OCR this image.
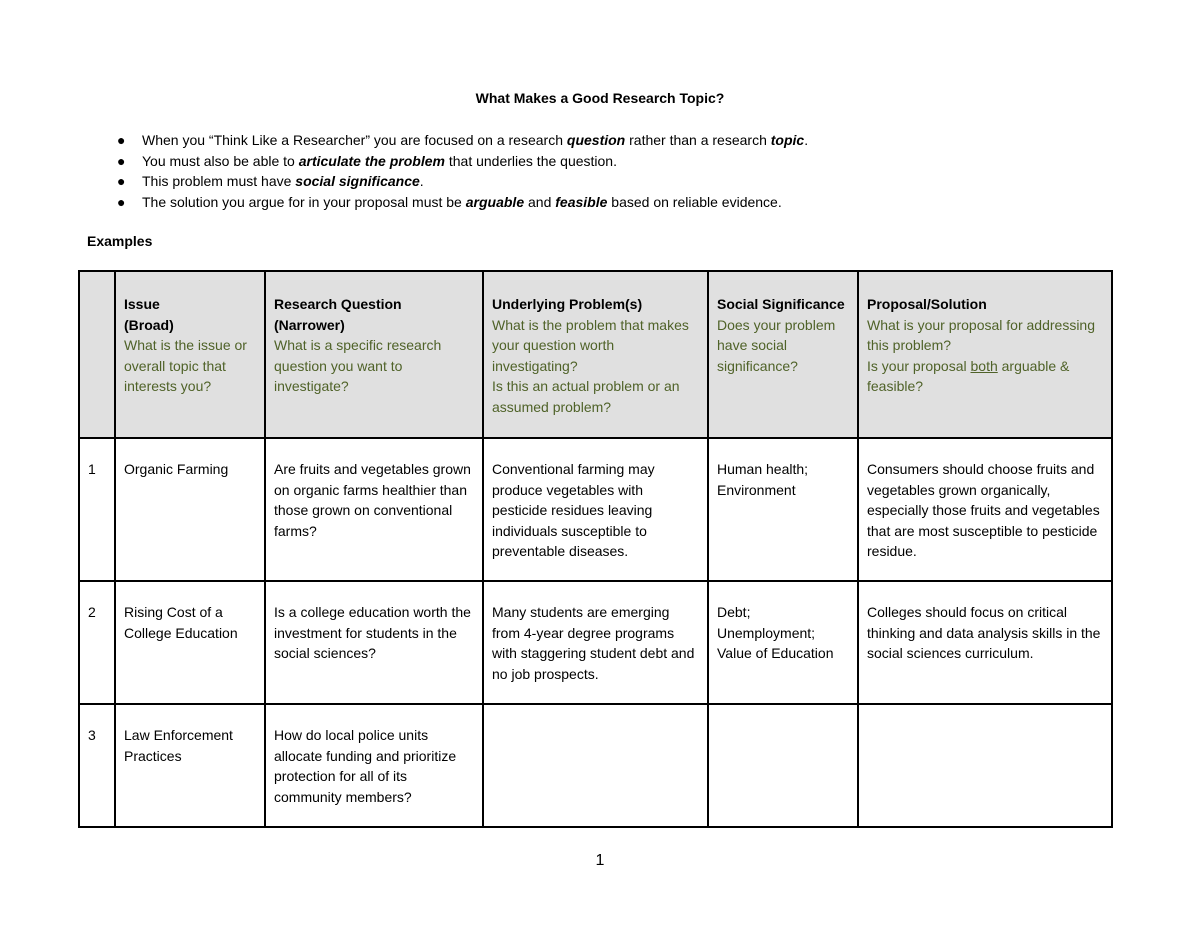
What Makes a Good Research Topic?
● When you “Think Like a Researcher” you are focused on a research question rather than a research topic.
● You must also be able to articulate the problem that underlies the question.
● This problem must have social significance.
● The solution you argue for in your proposal must be arguable and feasible based on reliable evidence.
Examples

	Issue
(Broad)
What is the issue or overall topic that interests you?	Research Question
(Narrower)
What is a specific research question you want to investigate?	Underlying Problem(s)
What is the problem that makes your question worth investigating?
Is this an actual problem or an assumed problem?	Social Significance
Does your problem have social significance?	Proposal/Solution
What is your proposal for addressing this problem?
Is your proposal both arguable & feasible?

1	Organic Farming	Are fruits and vegetables grown on organic farms healthier than those grown on conventional farms?	Conventional farming may produce vegetables with pesticide residues leaving individuals susceptible to preventable diseases.	Human health; Environment	Consumers should choose fruits and vegetables grown organically, especially those fruits and vegetables that are most susceptible to pesticide residue.
2	Rising Cost of a College Education	Is a college education worth the investment for students in the social sciences?	Many students are emerging from 4-year degree programs with staggering student debt and no job prospects.	Debt; Unemployment; Value of Education	Colleges should focus on critical thinking and data analysis skills in the social sciences curriculum.
3	Law Enforcement Practices	How do local police units allocate funding and prioritize protection for all of its community members?			
1
